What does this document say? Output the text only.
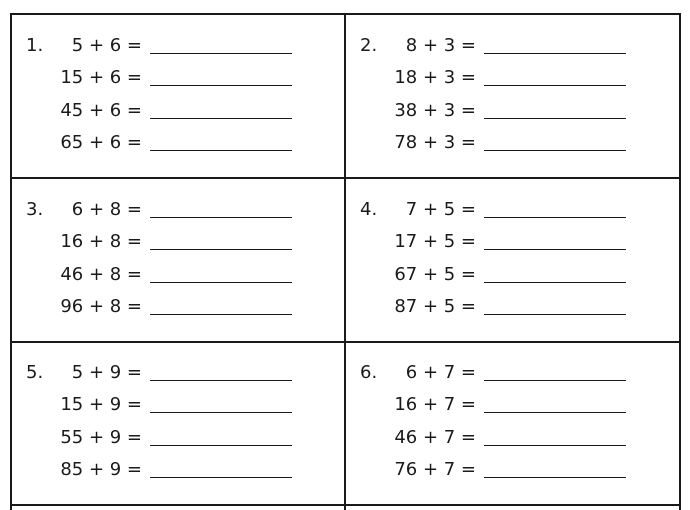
1. 5 + 6 =
15 + 6 =
45 + 6 =
65 + 6 =
2. 8 + 3 =
18 + 3 =
38 + 3 =
78 + 3 =
3. 6 + 8 =
16 + 8 =
46 + 8 =
96 + 8 =
4. 7 + 5 =
17 + 5 =
67 + 5 =
87 + 5 =
5. 5 + 9 =
15 + 9 =
55 + 9 =
85 + 9 =
6. 6 + 7 =
16 + 7 =
46 + 7 =
76 + 7 =
